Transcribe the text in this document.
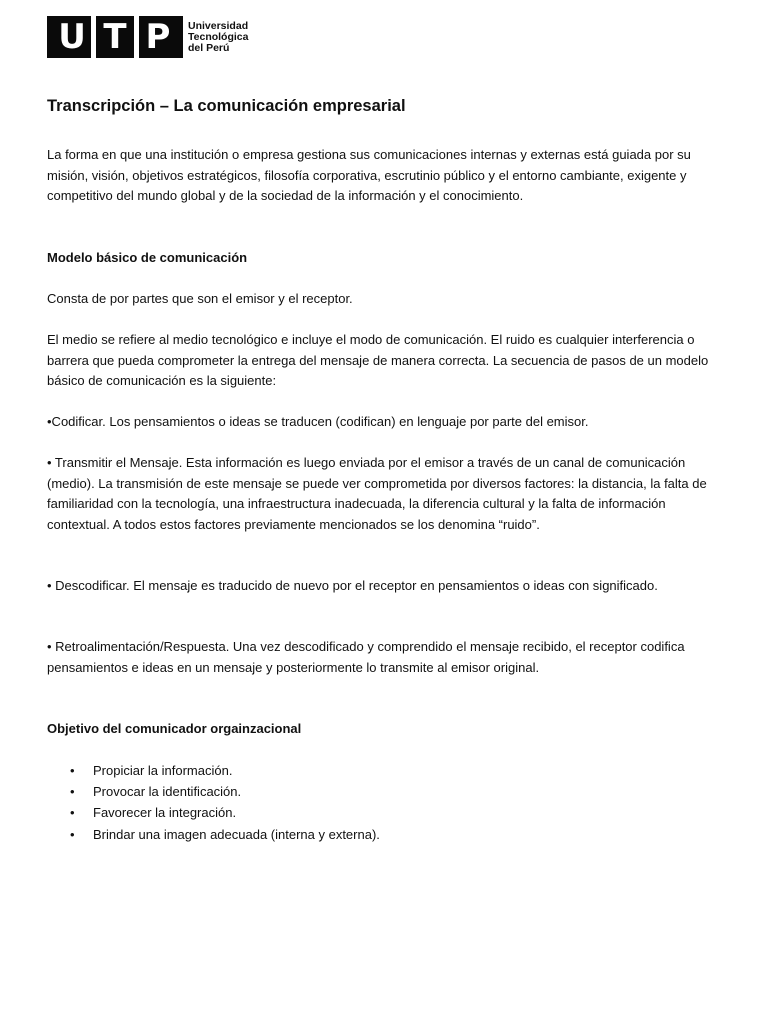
U T P	Universidad
Tecnológica
del Perú
Transcripción – La comunicación empresarial

La forma en que una institución o empresa gestiona sus comunicaciones internas y externas está guiada por su misión, visión, objetivos estratégicos, filosofía corporativa, escrutinio público y el entorno cambiante, exigente y competitivo del mundo global y de la sociedad de la información y el conocimiento.

Modelo básico de comunicación

Consta de por partes que son el emisor y el receptor.

El medio se refiere al medio tecnológico e incluye el modo de comunicación. El ruido es cualquier interferencia o barrera que pueda comprometer la entrega del mensaje de manera correcta. La secuencia de pasos de un modelo básico de comunicación es la siguiente:

•Codificar. Los pensamientos o ideas se traducen (codifican) en lenguaje por parte del emisor.

• Transmitir el Mensaje. Esta información es luego enviada por el emisor a través de un canal de comunicación (medio). La transmisión de este mensaje se puede ver comprometida por diversos factores: la distancia, la falta de familiaridad con la tecnología, una infraestructura inadecuada, la diferencia cultural y la falta de información contextual. A todos estos factores previamente mencionados se los denomina “ruido”.

• Descodificar. El mensaje es traducido de nuevo por el receptor en pensamientos o ideas con significado.

• Retroalimentación/Respuesta. Una vez descodificado y comprendido el mensaje recibido, el receptor codifica pensamientos e ideas en un mensaje y posteriormente lo transmite al emisor original.

Objetivo del comunicador orgainzacional

• Propiciar la información.
• Provocar la identificación.
• Favorecer la integración.
• Brindar una imagen adecuada (interna y externa).
